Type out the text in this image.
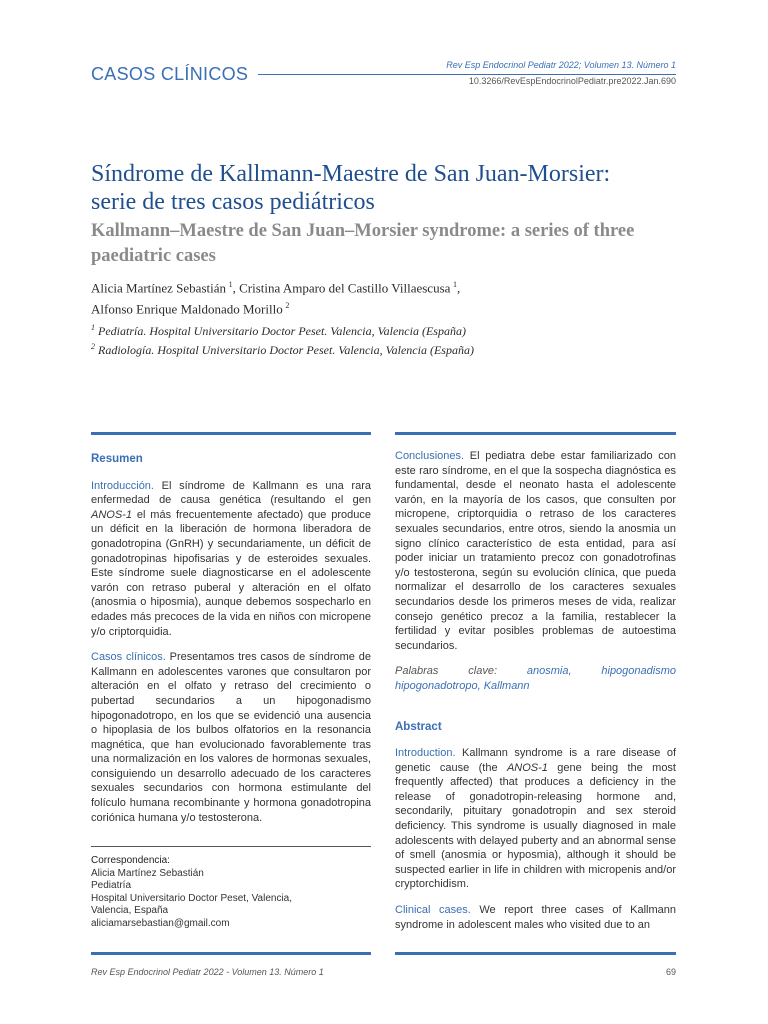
CASOS CLÍNICOS	Rev Esp Endocrinol Pediatr 2022; Volumen 13. Número 1
10.3266/RevEspEndocrinolPediatr.pre2022.Jan.690
Síndrome de Kallmann-Maestre de San Juan-Morsier: serie de tres casos pediátricos
Kallmann–Maestre de San Juan–Morsier syndrome: a series of three paediatric cases
Alicia Martínez Sebastián  $^1$, Cristina Amparo del Castillo Villaescusa  $^1$,
Alfonso Enrique Maldonado Morillo  $^2$
$^1$ Pediatría. Hospital Universitario Doctor Peset. Valencia, Valencia (España)
$^2$ Radiología. Hospital Universitario Doctor Peset. Valencia, Valencia (España)
Resumen

Introducción. El síndrome de Kallmann es una rara enfermedad de causa genética (resultando el gen ANOS-1 el más frecuentemente afectado) que produce un déficit en la liberación de hormona liberadora de gonadotropina (GnRH) y secundariamente, un déficit de gonadotropinas hipofisarias y de esteroides sexuales. Este síndrome suele diagnosticarse en el adolescente varón con retraso puberal y alteración en el olfato (anosmia o hiposmia), aunque debemos sospecharlo en edades más precoces de la vida en niños con micropene y/o criptorquidia.

Casos clínicos. Presentamos tres casos de síndrome de Kallmann en adolescentes varones que consultaron por alteración en el olfato y retraso del crecimiento o pubertad secundarios a un hipogonadismo hipogonadotropo, en los que se evidenció una ausencia o hipoplasia de los bulbos olfatorios en la resonancia magnética, que han evolucionado favorablemente tras una normalización en los valores de hormonas sexuales, consiguiendo un desarrollo adecuado de los caracteres sexuales secundarios con hormona estimulante del folículo humana recombinante y hormona gonadotropina coriónica humana y/o testosterona.

Correspondencia:
Alicia Martínez Sebastián
Pediatría
Hospital Universitario Doctor Peset, Valencia,
Valencia, España
aliciamarsebastian@gmail.com

Conclusiones. El pediatra debe estar familiarizado con este raro síndrome, en el que la sospecha diagnóstica es fundamental, desde el neonato hasta el adolescente varón, en la mayoría de los casos, que consulten por micropene, criptorquidia o retraso de los caracteres sexuales secundarios, entre otros, siendo la anosmia un signo clínico característico de esta entidad, para así poder iniciar un tratamiento precoz con gonadotrofinas y/o testosterona, según su evolución clínica, que pueda normalizar el desarrollo de los caracteres sexuales secundarios desde los primeros meses de vida, realizar consejo genético precoz a la familia, restablecer la fertilidad y evitar posibles problemas de autoestima secundarios.

Palabras clave: anosmia, hipogonadismo hipogonadotropo, Kallmann

Abstract

Introduction. Kallmann syndrome is a rare disease of genetic cause (the ANOS-1 gene being the most frequently affected) that produces a deficiency in the release of gonadotropin-releasing hormone and, secondarily, pituitary gonadotropin and sex steroid deficiency. This syndrome is usually diagnosed in male adolescents with delayed puberty and an abnormal sense of smell (anosmia or hyposmia), although it should be suspected earlier in life in children with micropenis and/or cryptorchidism.

Clinical cases. We report three cases of Kallmann syndrome in adolescent males who visited due to an

Rev Esp Endocrinol Pediatr 2022 - Volumen 13. Número 1	69
